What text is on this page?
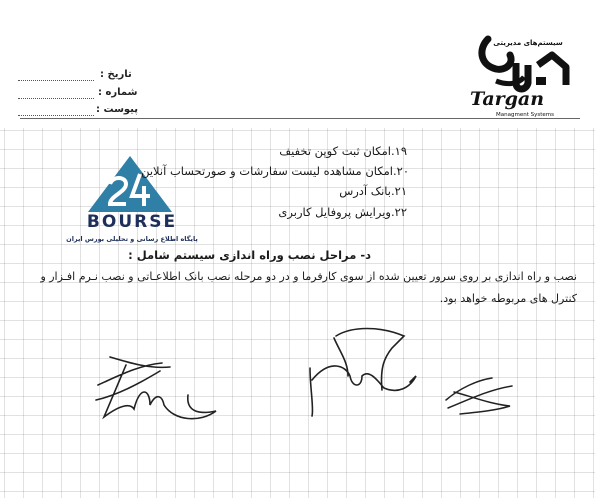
تاریخ :
شماره :
پیوست :
سیستم‌های مدیریتی
Targan
Managment Systems
BOURSE
پایگاه اطلاع رسانی و تحلیلی بورس ایران
۱۹.امکان ثبت کوپن تخفیف
۲۰.امکان مشاهده لیست سفارشات و صورتحساب آنلاین
۲۱.بانک آدرس
۲۲.ویرایش پروفایل کاربری
د- مراحل نصب وراه اندازی سیستم شامل :
نصب و راه اندازی بر روی سرور تعیین شده از سوی کارفرما و در دو مرحله نصب بانک اطلاعـاتی و نصب نـرم افـزار و
کنترل های مربوطه خواهد بود.
